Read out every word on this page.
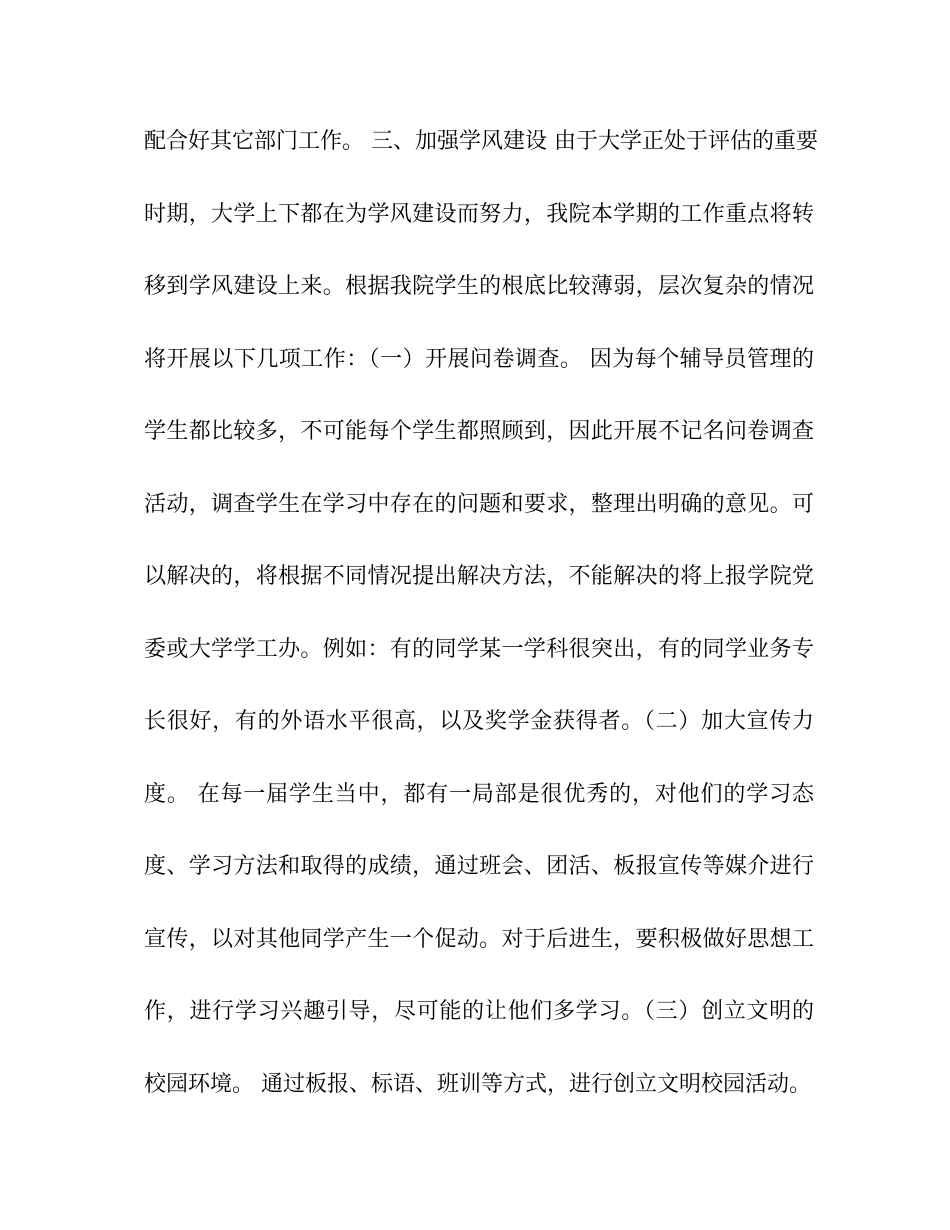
配合好其它部门工作。 三、加强学风建设 由于大学正处于评估的重要
时期，大学上下都在为学风建设而努力，我院本学期的工作重点将转
移到学风建设上来。根据我院学生的根底比较薄弱，层次复杂的情况
将开展以下几项工作：（一）开展问卷调查。 因为每个辅导员管理的
学生都比较多，不可能每个学生都照顾到，因此开展不记名问卷调查
活动，调查学生在学习中存在的问题和要求，整理出明确的意见。可
以解决的，将根据不同情况提出解决方法，不能解决的将上报学院党
委或大学学工办。例如：有的同学某一学科很突出，有的同学业务专
长很好，有的外语水平很高，以及奖学金获得者。（二）加大宣传力
度。 在每一届学生当中，都有一局部是很优秀的，对他们的学习态
度、学习方法和取得的成绩，通过班会、团活、板报宣传等媒介进行
宣传，以对其他同学产生一个促动。对于后进生，要积极做好思想工
作，进行学习兴趣引导，尽可能的让他们多学习。（三）创立文明的
校园环境。 通过板报、标语、班训等方式，进行创立文明校园活动。
